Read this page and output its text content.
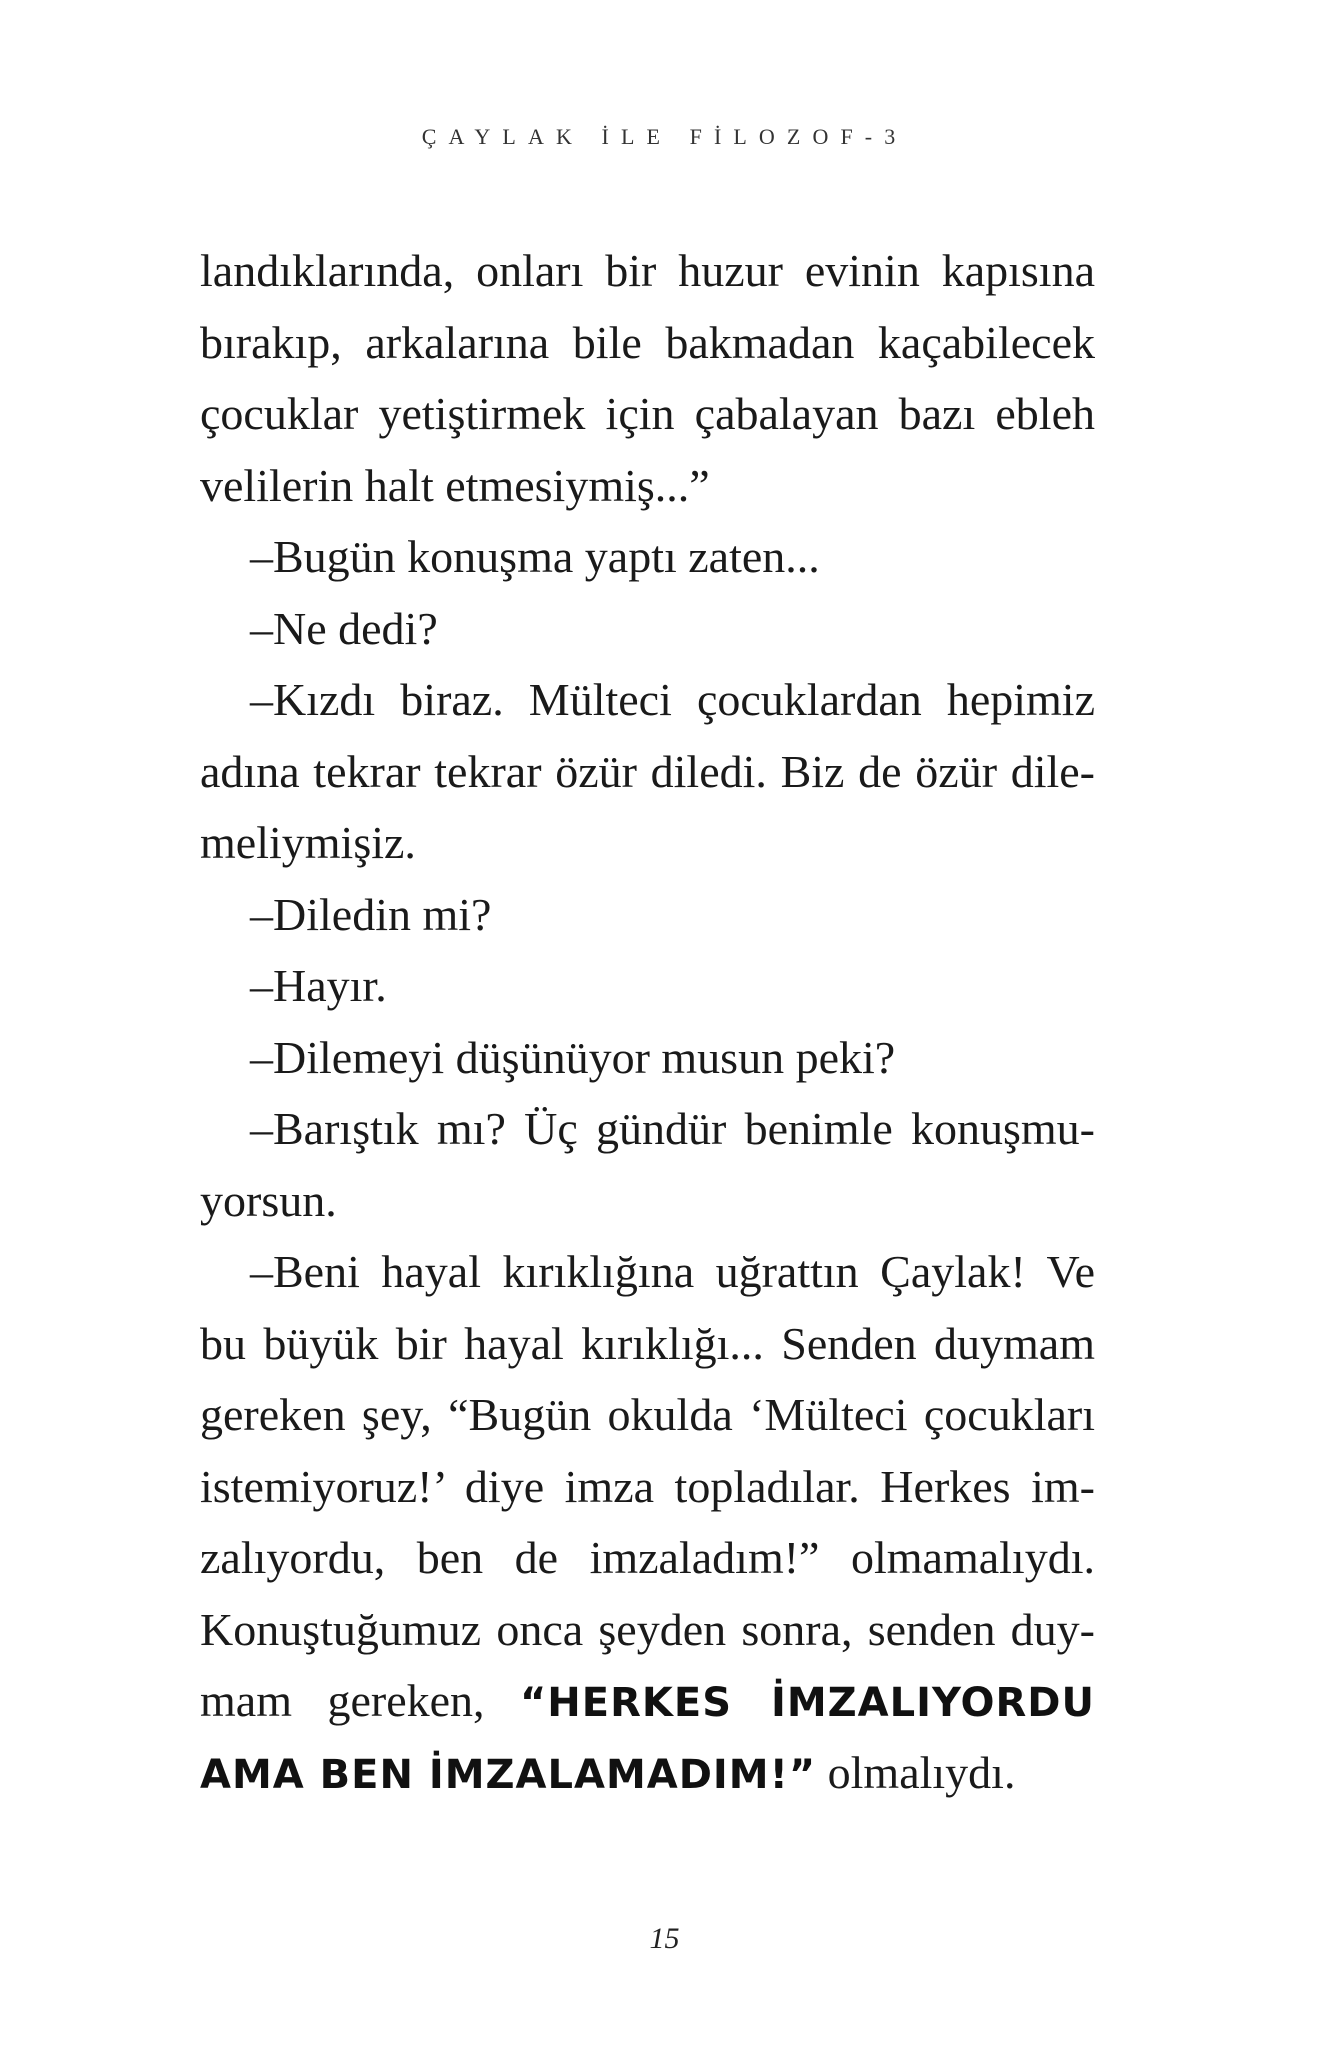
ÇAYLAK İLE FİLOZOF-3
landıklarında, onları bir huzur evinin kapısına
bırakıp, arkalarına bile bakmadan kaçabilecek
çocuklar yetiştirmek için çabalayan bazı ebleh
velilerin halt etmesiymiş...”
–Bugün konuşma yaptı zaten...
–Ne dedi?
–Kızdı biraz. Mülteci çocuklardan hepimiz
adına tekrar tekrar özür diledi. Biz de özür dile-
meliymişiz.
–Diledin mi?
–Hayır.
–Dilemeyi düşünüyor musun peki?
–Barıştık mı? Üç gündür benimle konuşmu-
yorsun.
–Beni hayal kırıklığına uğrattın Çaylak! Ve
bu büyük bir hayal kırıklığı... Senden duymam
gereken şey, “Bugün okulda ‘Mülteci çocukları
istemiyoruz!’ diye imza topladılar. Herkes im-
zalıyordu, ben de imzaladım!” olmamalıydı.
Konuştuğumuz onca şeyden sonra, senden duy-
mam gereken, “HERKES İMZALIYORDU
AMA BEN İMZALAMADIM!” olmalıydı.
15
